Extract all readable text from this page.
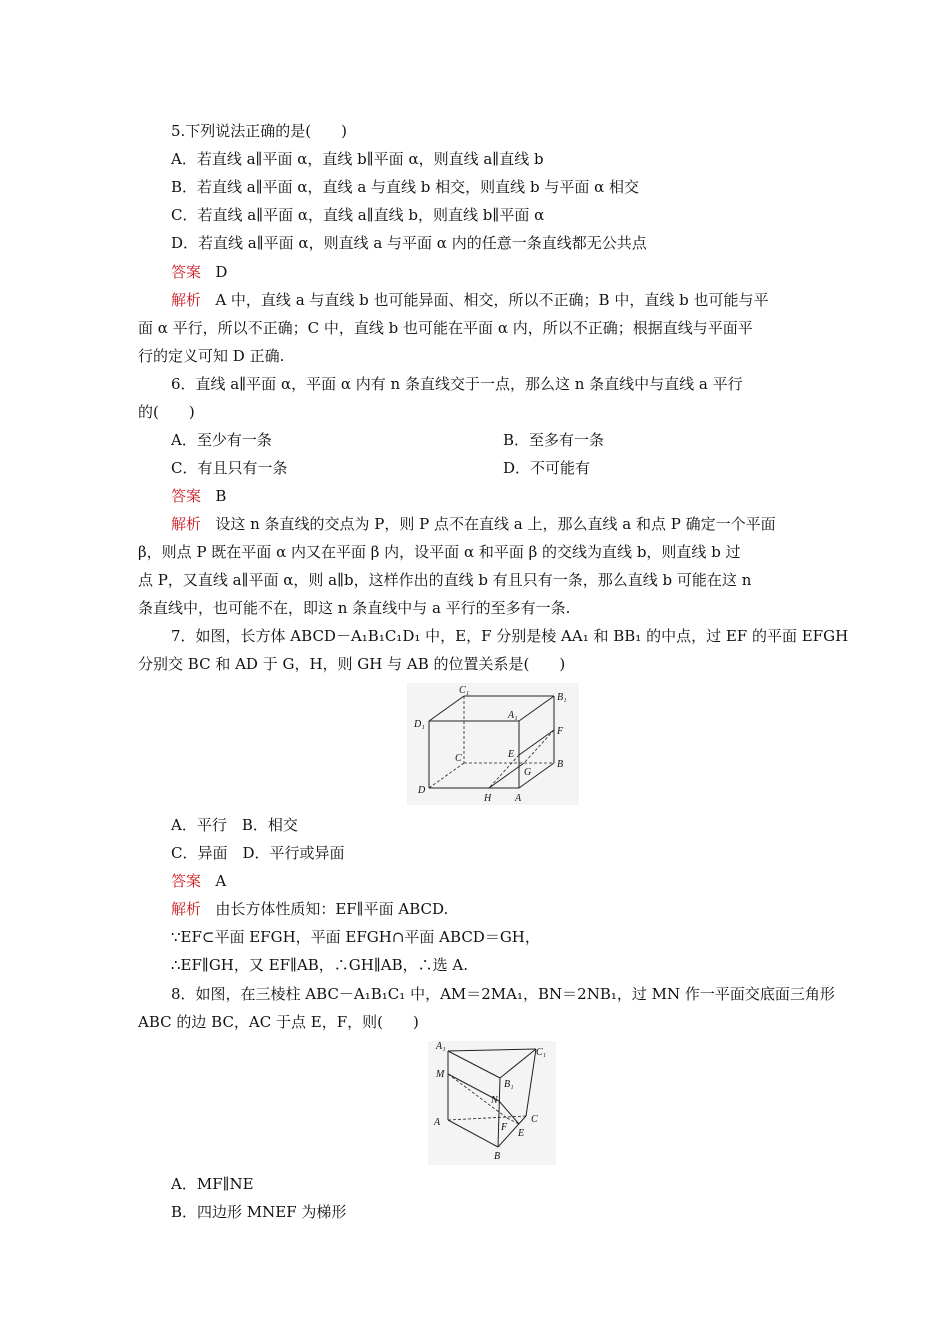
5.下列说法正确的是(　　)
A．若直线 a∥平面 α，直线 b∥平面 α，则直线 a∥直线 b
B．若直线 a∥平面 α，直线 a 与直线 b 相交，则直线 b 与平面 α 相交
C．若直线 a∥平面 α，直线 a∥直线 b，则直线 b∥平面 α
D．若直线 a∥平面 α，则直线 a 与平面 α 内的任意一条直线都无公共点
答案 D
解析 A 中，直线 a 与直线 b 也可能异面、相交，所以不正确；B 中，直线 b 也可能与平
面 α 平行，所以不正确；C 中，直线 b 也可能在平面 α 内，所以不正确；根据直线与平面平
行的定义可知 D 正确.
6．直线 a∥平面 α，平面 α 内有 n 条直线交于一点，那么这 n 条直线中与直线 a 平行
的(　　)
A．至少有一条	B．至多有一条
C．有且只有一条	D．不可能有
答案 B
解析 设这 n 条直线的交点为 P，则 P 点不在直线 a 上，那么直线 a 和点 P 确定一个平面
β，则点 P 既在平面 α 内又在平面 β 内，设平面 α 和平面 β 的交线为直线 b，则直线 b 过
点 P，又直线 a∥平面 α，则 a∥b，这样作出的直线 b 有且只有一条，那么直线 b 可能在这 n
条直线中，也可能不在，即这 n 条直线中与 a 平行的至多有一条.
7．如图，长方体 ABCD－A₁B₁C₁D₁ 中，E，F 分别是棱 AA₁ 和 BB₁ 的中点，过 EF 的平面 EFGH
分别交 BC 和 AD 于 G，H，则 GH 与 AB 的位置关系是(　　)
C₁
B₁
D₁
A₁
F
E
C
G
B
D
H A
A．平行　B．相交
C．异面　D．平行或异面
答案 A
解析 由长方体性质知：EF∥平面 ABCD.
∵EF⊂平面 EFGH，平面 EFGH∩平面 ABCD＝GH，
∴EF∥GH，又 EF∥AB，∴GH∥AB，∴选 A.
8．如图，在三棱柱 ABC－A₁B₁C₁ 中，AM＝2MA₁，BN＝2NB₁，过 MN 作一平面交底面三角形
ABC 的边 BC，AC 于点 E，F，则(　　)
A₁
C₁
M
B₁
N
A	F
C
E
B
A．MF∥NE
B．四边形 MNEF 为梯形
